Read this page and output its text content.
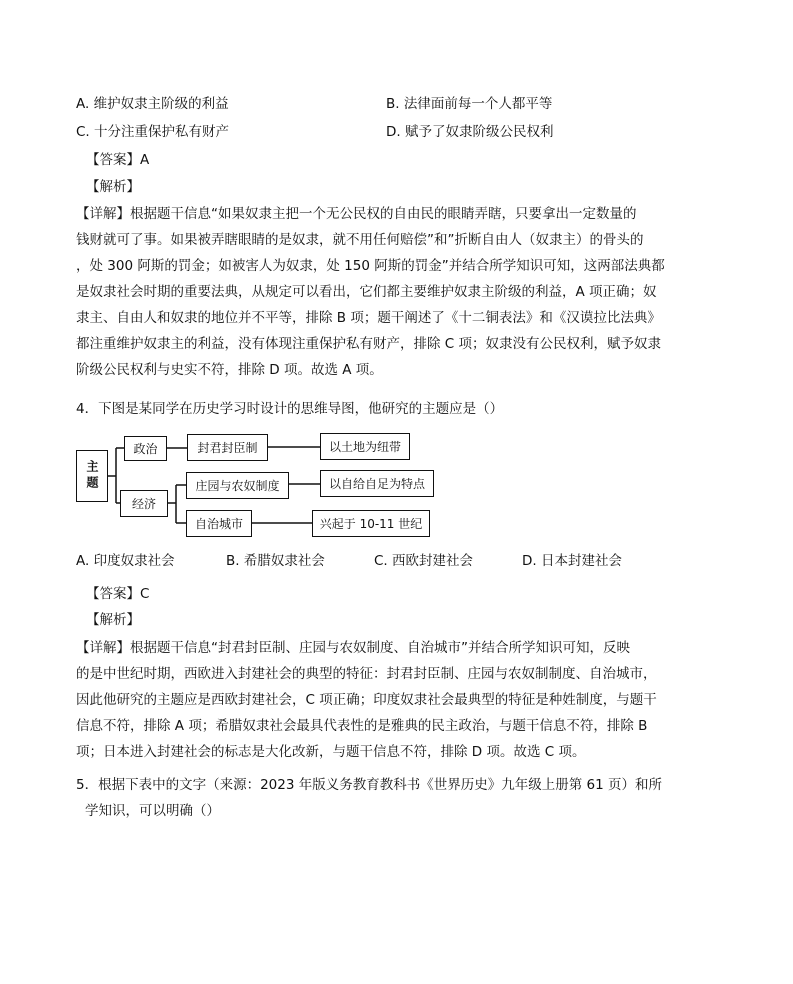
A. 维护奴隶主阶级的利益	B. 法律面前每一个人都平等
C. 十分注重保护私有财产	D. 赋予了奴隶阶级公民权利
【答案】A
【解析】
【详解】根据题干信息“如果奴隶主把一个无公民权的自由民的眼睛弄瞎，只要拿出一定数量的
钱财就可了事。如果被弄瞎眼睛的是奴隶，就不用任何赔偿”和”折断自由人（奴隶主）的骨头的
，处 300 阿斯的罚金；如被害人为奴隶，处 150 阿斯的罚金”并结合所学知识可知，这两部法典都
是奴隶社会时期的重要法典，从规定可以看出，它们都主要维护奴隶主阶级的利益，A 项正确；奴
隶主、自由人和奴隶的地位并不平等，排除 B 项；题干阐述了《十二铜表法》和《汉谟拉比法典》
都注重维护奴隶主的利益，没有体现注重保护私有财产，排除 C 项；奴隶没有公民权利，赋予奴隶
阶级公民权利与史实不符，排除 D 项。故选 A 项。
4．下图是某同学在历史学习时设计的思维导图，他研究的主题应是（）
主题
政治
经济
封君封臣制
庄园与农奴制度
自治城市
以土地为纽带
以自给自足为特点
兴起于 10-11 世纪
A. 印度奴隶社会	B. 希腊奴隶社会	C. 西欧封建社会	D. 日本封建社会
【答案】C
【解析】
【详解】根据题干信息“封君封臣制、庄园与农奴制度、自治城市”并结合所学知识可知，反映
的是中世纪时期，西欧进入封建社会的典型的特征：封君封臣制、庄园与农奴制制度、自治城市，
因此他研究的主题应是西欧封建社会，C 项正确；印度奴隶社会最典型的特征是种姓制度，与题干
信息不符，排除 A 项；希腊奴隶社会最具代表性的是雅典的民主政治，与题干信息不符，排除 B
项；日本进入封建社会的标志是大化改新，与题干信息不符，排除 D 项。故选 C 项。
5．根据下表中的文字（来源：2023 年版义务教育教科书《世界历史》九年级上册第 61 页）和所
学知识，可以明确（）
